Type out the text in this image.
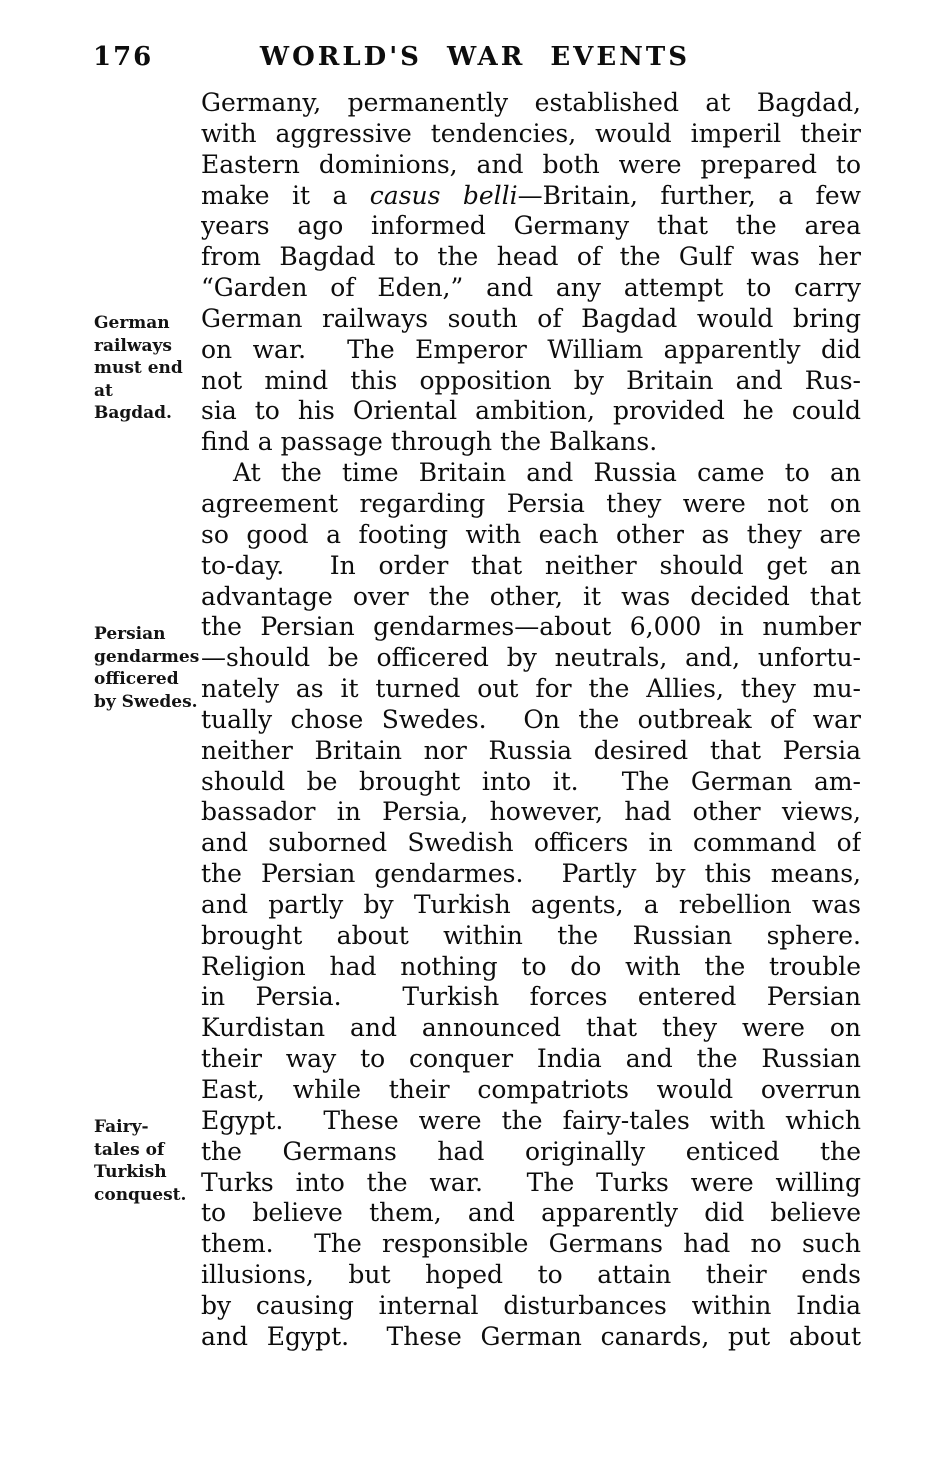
176	WORLD'S WAR EVENTS
German
railways
must end
at
Bagdad.
Persian
gendarmes
officered
by Swedes.
Fairy-
tales of
Turkish
conquest.
Germany, permanently established at Bagdad,
with aggressive tendencies, would imperil their
Eastern dominions, and both were prepared to
make it a casus belli—Britain, further, a few
years ago informed Germany that the area
from Bagdad to the head of the Gulf was her
“Garden of Eden,” and any attempt to carry
German railways south of Bagdad would bring
on war.  The Emperor William apparently did
not mind this opposition by Britain and Rus-
sia to his Oriental ambition, provided he could
find a passage through the Balkans.
At the time Britain and Russia came to an
agreement regarding Persia they were not on
so good a footing with each other as they are
to-day.  In order that neither should get an
advantage over the other, it was decided that
the Persian gendarmes—about 6,000 in number
—should be officered by neutrals, and, unfortu-
nately as it turned out for the Allies, they mu-
tually chose Swedes.  On the outbreak of war
neither Britain nor Russia desired that Persia
should be brought into it.  The German am-
bassador in Persia, however, had other views,
and suborned Swedish officers in command of
the Persian gendarmes.  Partly by this means,
and partly by Turkish agents, a rebellion was
brought about within the Russian sphere.
Religion had nothing to do with the trouble
in Persia.  Turkish forces entered Persian
Kurdistan and announced that they were on
their way to conquer India and the Russian
East, while their compatriots would overrun
Egypt.  These were the fairy-tales with which
the Germans had originally enticed the
Turks into the war.  The Turks were willing
to believe them, and apparently did believe
them.  The responsible Germans had no such
illusions, but hoped to attain their ends
by causing internal disturbances within India
and Egypt.  These German canards, put about
